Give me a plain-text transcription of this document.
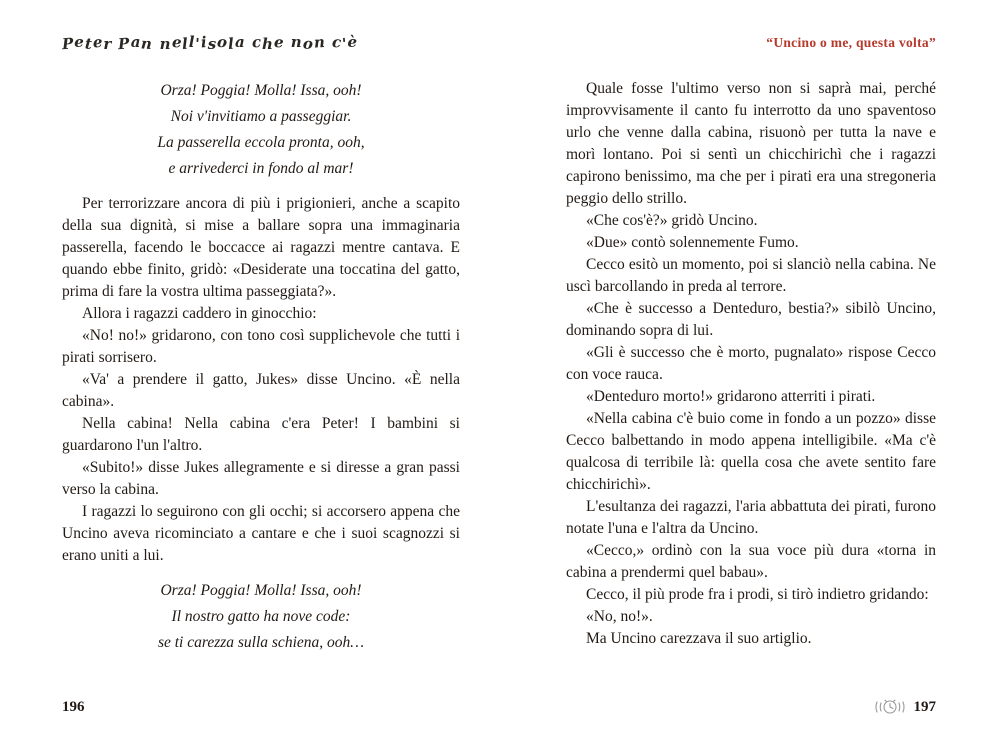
Peter Pan nell'isola che non c'è
Orza! Poggia! Molla! Issa, ooh!
Noi v'invitiamo a passeggiar.
La passerella eccola pronta, ooh,
e arrivederci in fondo al mar!

Per terrorizzare ancora di più i prigionieri, anche a scapito della sua dignità, si mise a ballare sopra una immaginaria passerella, facendo le boccacce ai ragazzi mentre cantava. E quando ebbe finito, gridò: «Desiderate una toccatina del gatto, prima di fare la vostra ultima passeggiata?».

Allora i ragazzi caddero in ginocchio:

«No! no!» gridarono, con tono così supplichevole che tutti i pirati sorrisero.

«Va' a prendere il gatto, Jukes» disse Uncino. «È nella cabina».

Nella cabina! Nella cabina c'era Peter! I bambini si guardarono l'un l'altro.

«Subito!» disse Jukes allegramente e si diresse a gran passi verso la cabina.

I ragazzi lo seguirono con gli occhi; si accorsero appena che Uncino aveva ricominciato a cantare e che i suoi scagnozzi si erano uniti a lui.

Orza! Poggia! Molla! Issa, ooh!
Il nostro gatto ha nove code:
se ti carezza sulla schiena, ooh…
196
“Uncino o me, questa volta”

Quale fosse l'ultimo verso non si saprà mai, perché improvvisamente il canto fu interrotto da uno spaventoso urlo che venne dalla cabina, risuonò per tutta la nave e morì lontano. Poi si sentì un chicchirichì che i ragazzi capirono benissimo, ma che per i pirati era una stregoneria peggio dello strillo.

«Che cos'è?» gridò Uncino.

«Due» contò solennemente Fumo.

Cecco esitò un momento, poi si slanciò nella cabina. Ne uscì barcollando in preda al terrore.

«Che è successo a Denteduro, bestia?» sibilò Uncino, dominando sopra di lui.

«Gli è successo che è morto, pugnalato» rispose Cecco con voce rauca.

«Denteduro morto!» gridarono atterriti i pirati.

«Nella cabina c'è buio come in fondo a un pozzo» disse Cecco balbettando in modo appena intelligibile. «Ma c'è qualcosa di terribile là: quella cosa che avete sentito fare chicchirichì».

L'esultanza dei ragazzi, l'aria abbattuta dei pirati, furono notate l'una e l'altra da Uncino.

«Cecco,» ordinò con la sua voce più dura «torna in cabina a prendermi quel babau».

Cecco, il più prode fra i prodi, si tirò indietro gridando:

«No, no!».

Ma Uncino carezzava il suo artiglio.

197
